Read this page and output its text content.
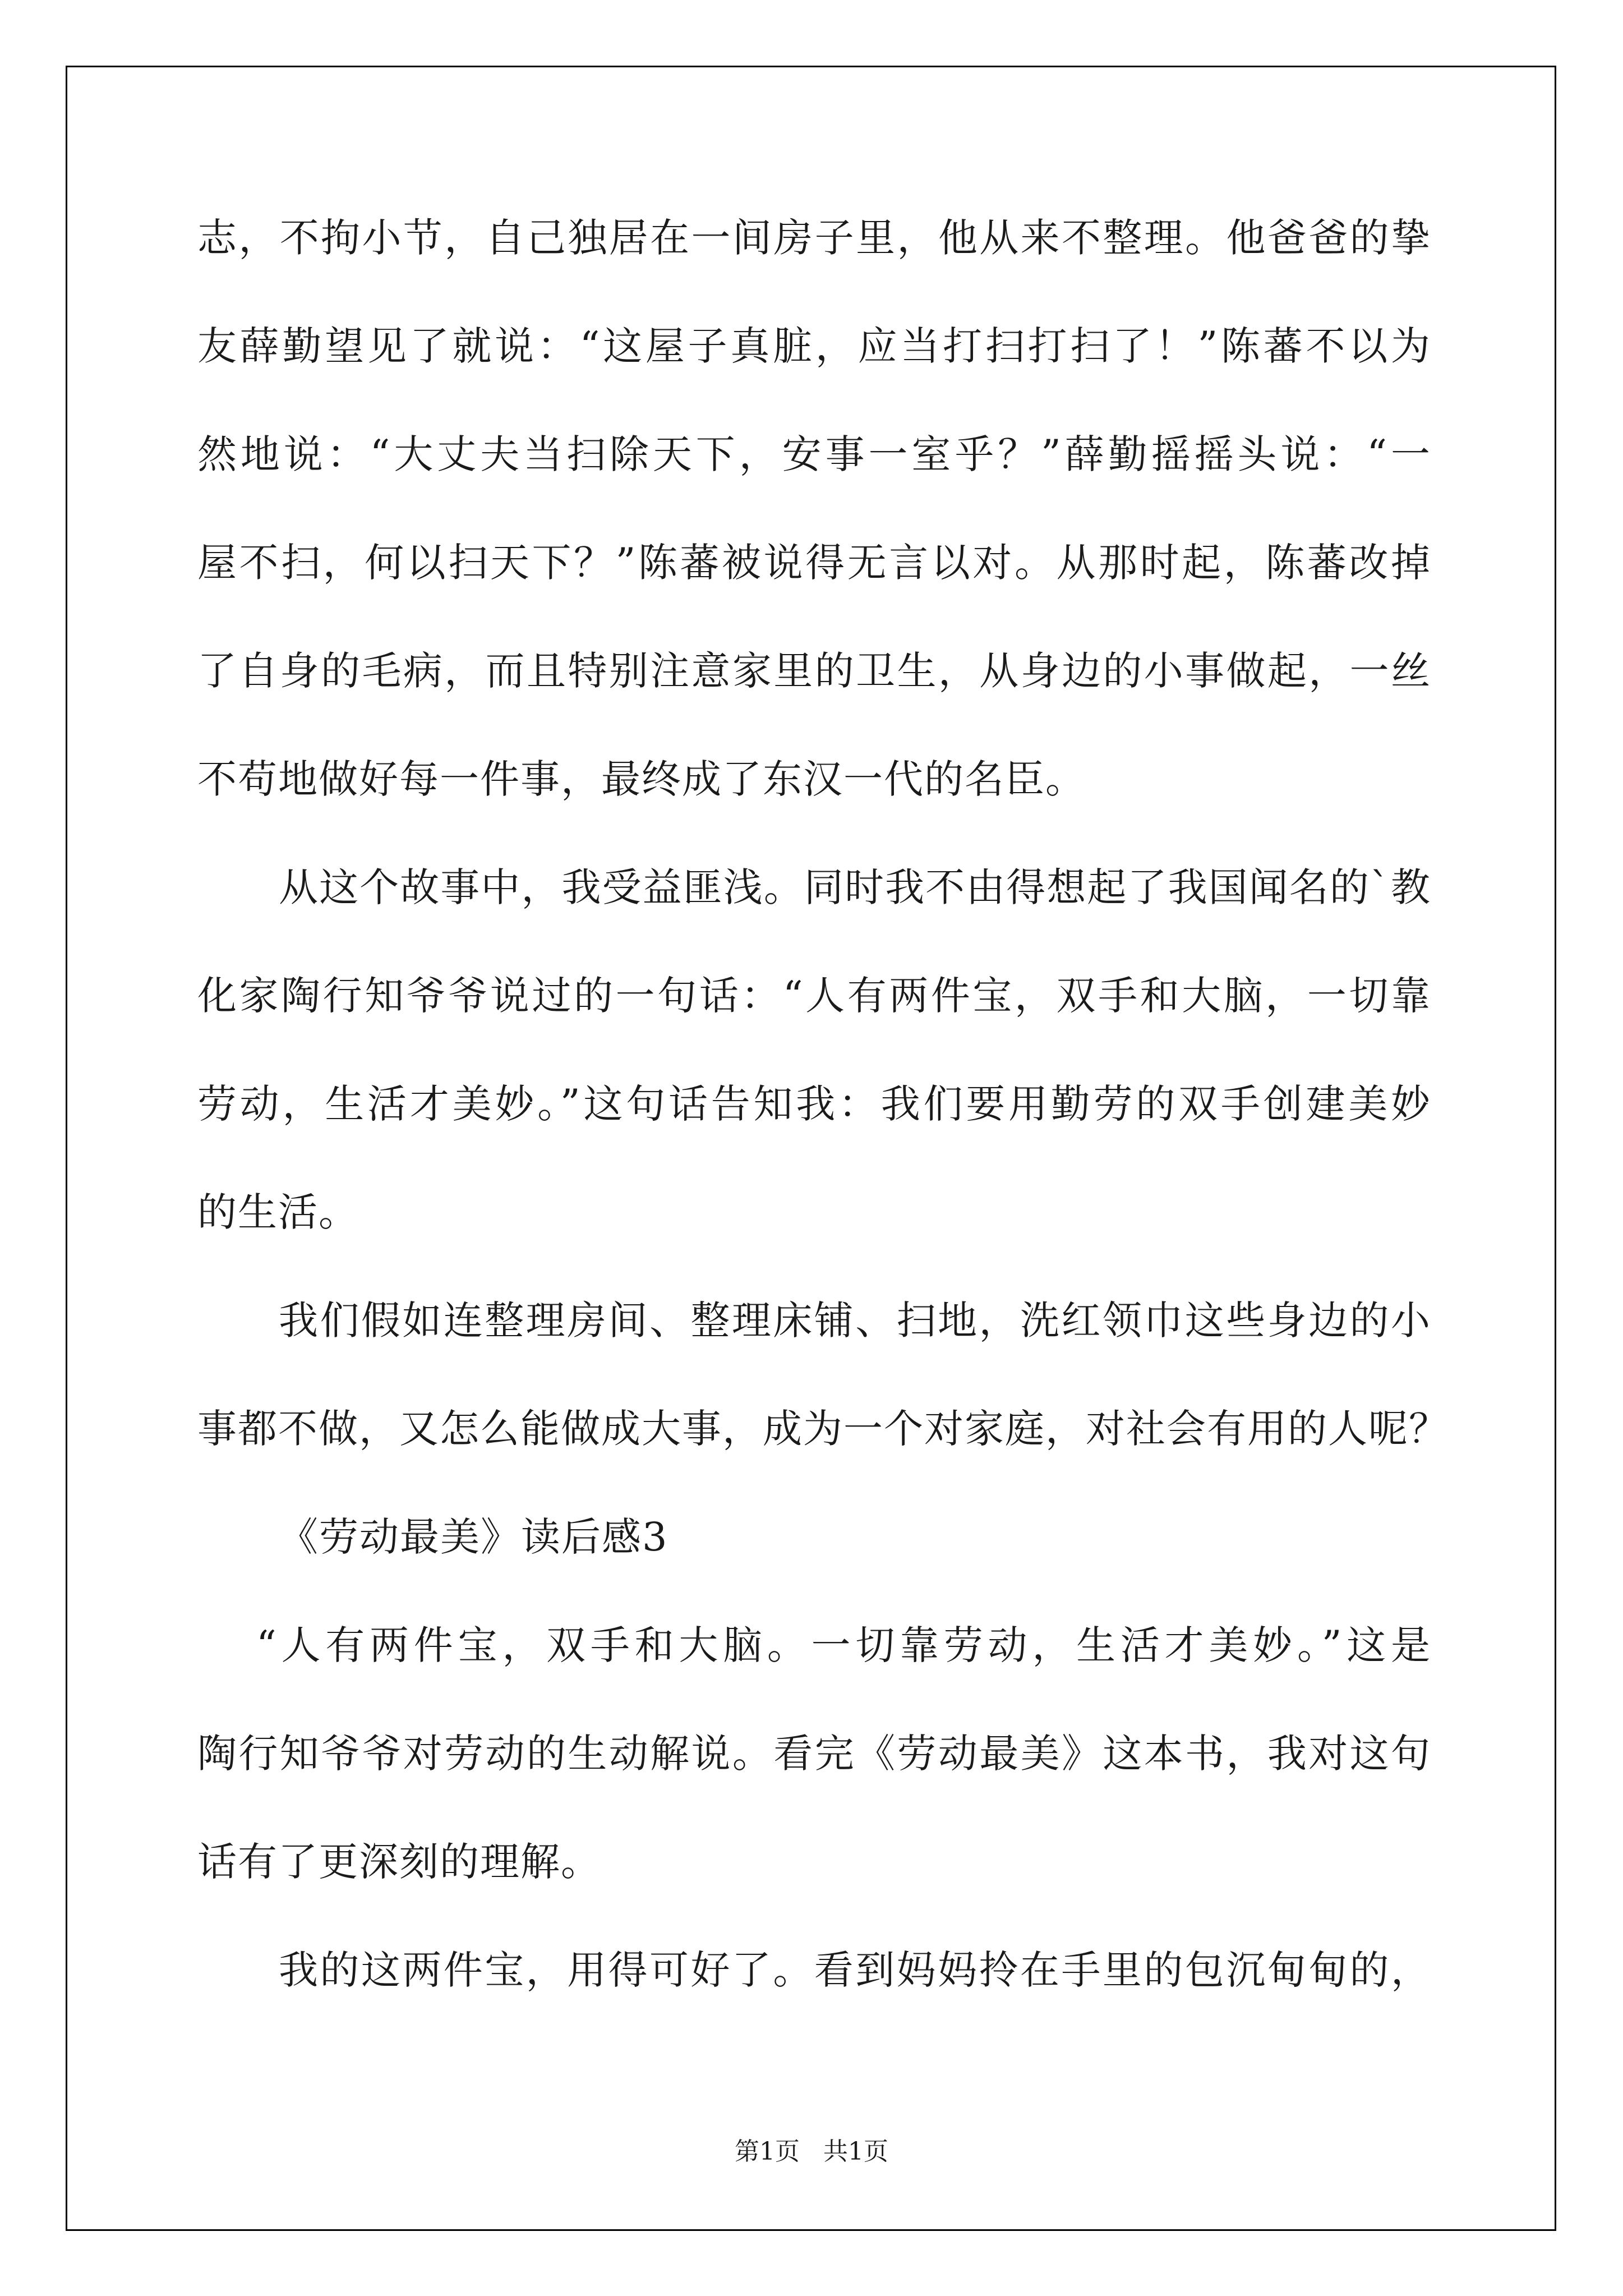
志，不拘小节，自己独居在一间房子里，他从来不整理。他爸爸的挚
友薛勤望见了就说：“这屋子真脏，应当打扫打扫了！”陈蕃不以为
然地说：“大丈夫当扫除天下，安事一室乎？”薛勤摇摇头说：“一
屋不扫，何以扫天下？”陈蕃被说得无言以对。从那时起，陈蕃改掉
了自身的毛病，而且特别注意家里的卫生，从身边的小事做起，一丝
不苟地做好每一件事，最终成了东汉一代的名臣。
从这个故事中，我受益匪浅。同时我不由得想起了我国闻名的`教
化家陶行知爷爷说过的一句话：“人有两件宝，双手和大脑，一切靠
劳动，生活才美妙。”这句话告知我：我们要用勤劳的双手创建美妙
的生活。
我们假如连整理房间、整理床铺、扫地，洗红领巾这些身边的小
事都不做，又怎么能做成大事，成为一个对家庭，对社会有用的人呢？
《劳动最美》读后感3
“人有两件宝，双手和大脑。一切靠劳动，生活才美妙。”这是
陶行知爷爷对劳动的生动解说。看完《劳动最美》这本书，我对这句
话有了更深刻的理解。
我的这两件宝，用得可好了。看到妈妈拎在手里的包沉甸甸的，
第1页   共1页
